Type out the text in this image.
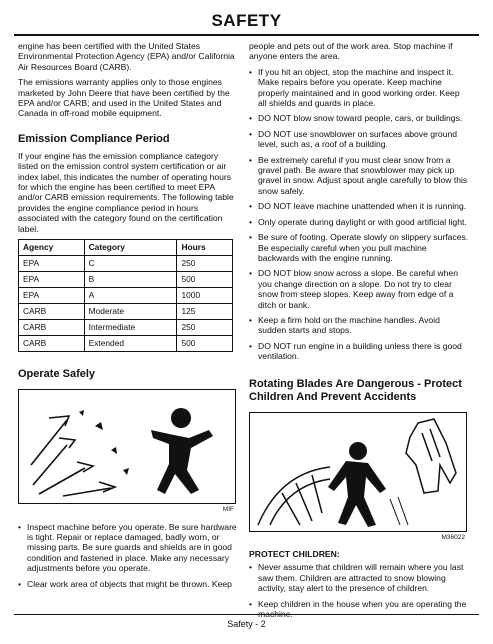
SAFETY

engine has been certified with the United States Environmental Protection Agency (EPA) and/or California Air Resources Board (CARB).

The emissions warranty applies only to those engines marketed by John Deere that have been certified by the EPA and/or CARB; and used in the United States and Canada in off-road mobile equipment.

Emission Compliance Period

If your engine has the emission compliance category listed on the emission control system certification or air index label, this indicates the number of operating hours for which the engine has been certified to meet EPA and/or CARB emission requirements. The following table provides the engine compliance period in hours associated with the category found on the certification label.

Agency	Category	Hours
EPA	C	250
EPA	B	500
EPA	A	1000
CARB	Moderate	125
CARB	Intermediate	250
CARB	Extended	500
Operate Safely
MIF
• Inspect machine before you operate. Be sure hardware is tight. Repair or replace damaged, badly worn, or missing parts. Be sure guards and shields are in good condition and fastened in place. Make any necessary adjustments before you operate.
• Clear work area of objects that might be thrown. Keep

people and pets out of the work area. Stop machine if anyone enters the area.

• If you hit an object, stop the machine and inspect it. Make repairs before you operate. Keep machine properly maintained and in good working order. Keep all shields and guards in place.
• DO NOT blow snow toward people, cars, or buildings.
• DO NOT use snowblower on surfaces above ground level, such as, a roof of a building.
• Be extremely careful if you must clear snow from a gravel path. Be aware that snowblower may pick up gravel in snow. Adjust spout angle carefully to blow this snow safely.
• DO NOT leave machine unattended when it is running.
• Only operate during daylight or with good artificial light.
• Be sure of footing. Operate slowly on slippery surfaces. Be especially careful when you pull machine backwards with the engine running.
• DO NOT blow snow across a slope. Be careful when you change direction on a slope. Do not try to clear snow from steep slopes. Keep away from edge of a ditch or bank.
• Keep a firm hold on the machine handles. Avoid sudden starts and stops.
• DO NOT run engine in a building unless there is good ventilation.
Rotating Blades Are Dangerous - Protect Children And Prevent Accidents
M36022
PROTECT CHILDREN:
• Never assume that children will remain where you last saw them. Children are attracted to snow blowing activity, stay alert to the presence of children.
• Keep children in the house when you are operating the machine.
Safety - 2
